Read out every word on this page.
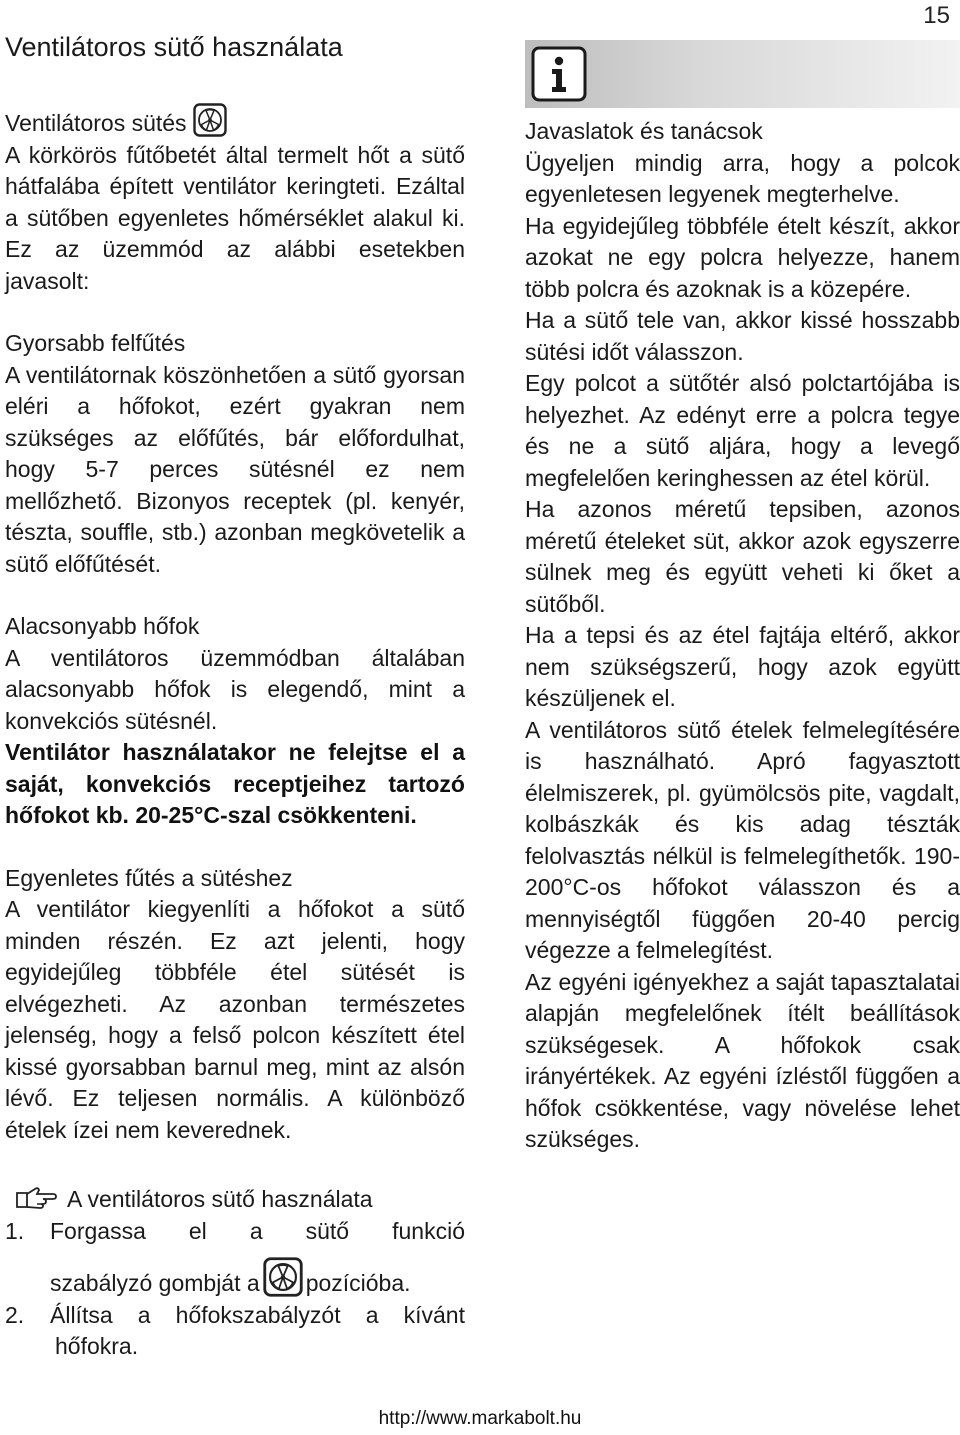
15
Ventilátoros sütő használata

Ventilátoros sütés

A körkörös fűtőbetét által termelt hőt a sütő hátfalába épített ventilátor keringteti. Ezáltal a sütőben egyenletes hőmérséklet alakul ki. Ez az üzemmód az alábbi esetekben javasolt:

Gyorsabb felfűtés

A ventilátornak köszönhetően a sütő gyorsan eléri a hőfokot, ezért gyakran nem szükséges az előfűtés, bár előfordulhat, hogy 5-7 perces sütésnél ez nem mellőzhető. Bizonyos receptek (pl. kenyér, tészta, souffle, stb.) azonban megkövetelik a sütő előfűtését.

Alacsonyabb hőfok

A ventilátoros üzemmódban általában alacsonyabb hőfok is elegendő, mint a konvekciós sütésnél.

Ventilátor használatakor ne felejtse el a saját, konvekciós receptjeihez tartozó hőfokot kb. 20-25°C-szal csökkenteni.

Egyenletes fűtés a sütéshez

A ventilátor kiegyenlíti a hőfokot a sütő minden részén. Ez azt jelenti, hogy egyidejűleg többféle étel sütését is elvégezheti. Az azonban természetes jelenség, hogy a felső polcon készített étel kissé gyorsabban barnul meg, mint az alsón lévő. Ez teljesen normális. A különböző ételek ízei nem keverednek.

A ventilátoros sütő használata

1.	Forgassa el a sütő funkció
szabályzó gombját a pozícióba.
2.	Állítsa a hőfokszabályzót a kívánt
hőfokra.

Javaslatok és tanácsok

Ügyeljen mindig arra, hogy a polcok egyenletesen legyenek megterhelve.

Ha egyidejűleg többféle ételt készít, akkor azokat ne egy polcra helyezze, hanem több polcra és azoknak is a közepére.

Ha a sütő tele van, akkor kissé hosszabb sütési időt válasszon.

Egy polcot a sütőtér alsó polctartójába is helyezhet. Az edényt erre a polcra tegye és ne a sütő aljára, hogy a levegő megfelelően keringhessen az étel körül.

Ha azonos méretű tepsiben, azonos méretű ételeket süt, akkor azok egyszerre sülnek meg és együtt veheti ki őket a sütőből.

Ha a tepsi és az étel fajtája eltérő, akkor nem szükségszerű, hogy azok együtt készüljenek el.

A ventilátoros sütő ételek felmelegítésére is használható. Apró fagyasztott élelmiszerek, pl. gyümölcsös pite, vagdalt, kolbászkák és kis adag tészták felolvasztás nélkül is felmelegíthetők. 190-200°C-os hőfokot válasszon és a mennyiségtől függően 20-40 percig végezze a felmelegítést.

Az egyéni igényekhez a saját tapasztalatai alapján megfelelőnek ítélt beállítások szükségesek. A hőfokok csak irányértékek. Az egyéni ízléstől függően a hőfok csökkentése, vagy növelése lehet szükséges.

http://www.markabolt.hu
